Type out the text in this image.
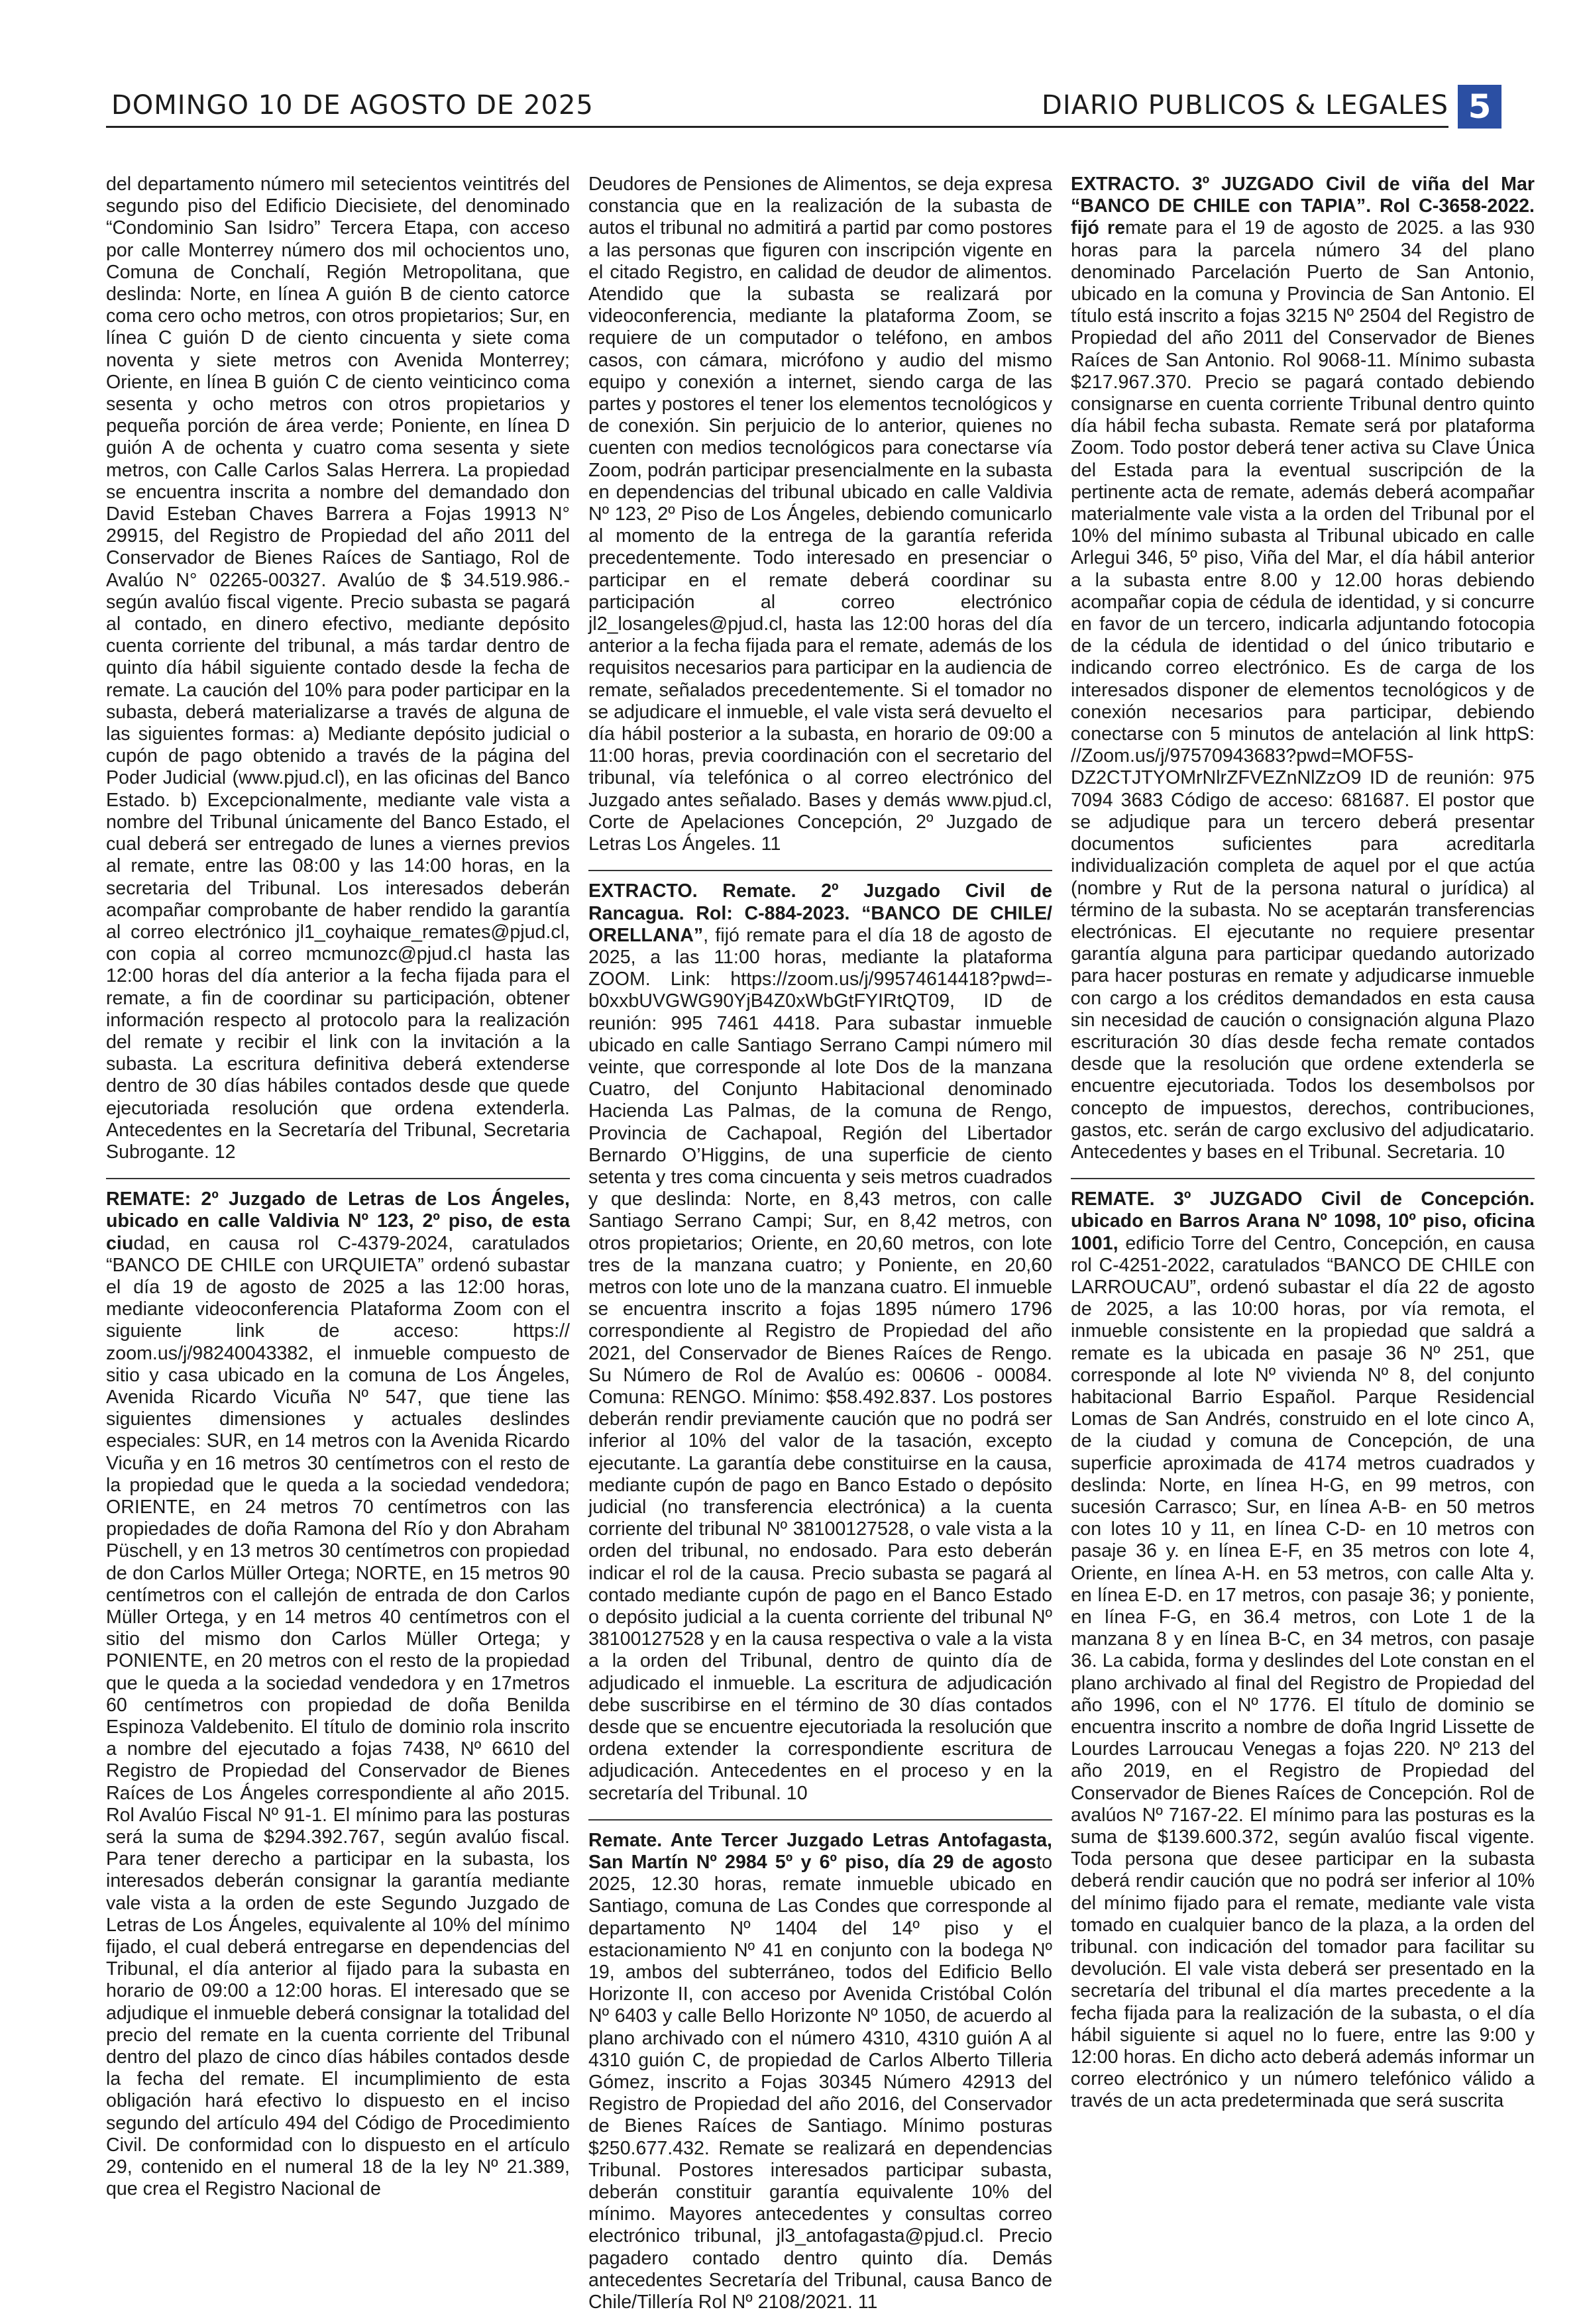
DOMINGO 10 DE AGOSTO DE 2025	DIARIO PUBLICOS & LEGALES 5

del departamento número mil setecientos veintitrés del segundo piso del Edificio Diecisiete, del denominado “Condominio San Isidro” Tercera Etapa, con acceso por calle Monterrey número dos mil ochocientos uno, Comuna de Conchalí, Región Metropolitana, que deslinda: Norte, en línea A guión B de ciento catorce coma cero ocho metros, con otros propietarios; Sur, en línea C guión D de ciento cincuenta y siete coma noventa y siete metros con Avenida Monterrey; Oriente, en línea B guión C de ciento veinticinco coma sesenta y ocho metros con otros propietarios y pequeña porción de área verde; Poniente, en línea D guión A de ochenta y cuatro coma sesenta y siete metros, con Calle Carlos Salas Herrera. La propiedad se encuentra inscrita a nombre del demandado don David Esteban Chaves Barrera a Fojas 19913 N° 29915, del Registro de Propiedad del año 2011 del Conservador de Bienes Raíces de Santiago, Rol de Avalúo N° 02265-00327. Avalúo de $ 34.519.986.- según avalúo fiscal vigente. Precio subasta se pagará al contado, en dinero efectivo, mediante depósito cuenta corriente del tribunal, a más tardar dentro de quinto día hábil siguiente contado desde la fecha de remate. La caución del 10% para poder participar en la subasta, deberá materializarse a través de alguna de las siguientes formas: a) Mediante depósito judicial o cupón de pago obtenido a través de la página del Poder Judicial (www.pjud.cl), en las oficinas del Banco Estado. b) Excepcionalmente, mediante vale vista a nombre del Tribunal únicamente del Banco Estado, el cual deberá ser entregado de lunes a viernes previos al remate, entre las 08:00 y las 14:00 horas, en la secretaria del Tribunal. Los interesados deberán acompañar comprobante de haber rendido la garantía al correo electrónico jl1_coyhaique_remates@pjud.cl, con copia al correo mcmunozc@pjud.cl hasta las 12:00 horas del día anterior a la fecha fijada para el remate, a fin de coordinar su participación, obtener información respecto al protocolo para la realización del remate y recibir el link con la invitación a la subasta. La escritura definitiva deberá extenderse dentro de 30 días hábiles contados desde que quede ejecutoriada resolución que ordena extenderla. Antecedentes en la Secretaría del Tribunal, Secretaria Subrogante. 12

REMATE: 2º Juzgado de Letras de Los Ángeles, ubicado en calle Valdivia Nº 123, 2º piso, de esta ciudad, en causa rol C-4379-2024, caratulados “BANCO DE CHILE con URQUIETA” ordenó subastar el día 19 de agosto de 2025 a las 12:00 horas, mediante videoconferencia Plataforma Zoom con el siguiente link de acceso: https:// zoom.us/j/98240043382, el inmueble compuesto de sitio y casa ubicado en la comuna de Los Ángeles, Avenida Ricardo Vicuña Nº 547, que tiene las siguientes dimensiones y actuales deslindes especiales: SUR, en 14 metros con la Avenida Ricardo Vicuña y en 16 metros 30 centímetros con el resto de la propiedad que le queda a la sociedad vendedora; ORIENTE, en 24 metros 70 centímetros con las propiedades de doña Ramona del Río y don Abraham Püschell, y en 13 metros 30 centímetros con propiedad de don Carlos Müller Ortega; NORTE, en 15 metros 90 centímetros con el callejón de entrada de don Carlos Müller Ortega, y en 14 metros 40 centímetros con el sitio del mismo don Carlos Müller Ortega; y PONIENTE, en 20 metros con el resto de la propiedad que le queda a la sociedad vendedora y en 17metros 60 centímetros con propiedad de doña Benilda Espinoza Valdebenito. El título de dominio rola inscrito a nombre del ejecutado a fojas 7438, Nº 6610 del Registro de Propiedad del Conservador de Bienes Raíces de Los Ángeles correspondiente al año 2015. Rol Avalúo Fiscal Nº 91-1. El mínimo para las posturas será la suma de $294.392.767, según avalúo fiscal. Para tener derecho a participar en la subasta, los interesados deberán consignar la garantía mediante vale vista a la orden de este Segundo Juzgado de Letras de Los Ángeles, equivalente al 10% del mínimo fijado, el cual deberá entregarse en dependencias del Tribunal, el día anterior al fijado para la subasta en horario de 09:00 a 12:00 horas. El interesado que se adjudique el inmueble deberá consignar la totalidad del precio del remate en la cuenta corriente del Tribunal dentro del plazo de cinco días hábiles contados desde la fecha del remate. El incumplimiento de esta obligación hará efectivo lo dispuesto en el inciso segundo del artículo 494 del Código de Procedimiento Civil. De conformidad con lo dispuesto en el artículo 29, contenido en el numeral 18 de la ley Nº 21.389, que crea el Registro Nacional de

Deudores de Pensiones de Alimentos, se deja expresa constancia que en la realización de la subasta de autos el tribunal no admitirá a partid par como postores a las personas que figuren con inscripción vigente en el citado Registro, en calidad de deudor de alimentos. Atendido que la subasta se realizará por videoconferencia, mediante la plataforma Zoom, se requiere de un computador o teléfono, en ambos casos, con cámara, micrófono y audio del mismo equipo y conexión a internet, siendo carga de las partes y postores el tener los elementos tecnológicos y de conexión. Sin perjuicio de lo anterior, quienes no cuenten con medios tecnológicos para conectarse vía Zoom, podrán participar presencialmente en la subasta en dependencias del tribunal ubicado en calle Valdivia Nº 123, 2º Piso de Los Ángeles, debiendo comunicarlo al momento de la entrega de la garantía referida precedentemente. Todo interesado en presenciar o participar en el remate deberá coordinar su participación al correo electrónico jl2_losangeles@pjud.cl, hasta las 12:00 horas del día anterior a la fecha fijada para el remate, además de los requisitos necesarios para participar en la audiencia de remate, señalados precedentemente. Si el tomador no se adjudicare el inmueble, el vale vista será devuelto el día hábil posterior a la subasta, en horario de 09:00 a 11:00 horas, previa coordinación con el secretario del tribunal, vía telefónica o al correo electrónico del Juzgado antes señalado. Bases y demás www.pjud.cl, Corte de Apelaciones Concepción, 2º Juzgado de Letras Los Ángeles. 11

EXTRACTO. Remate. 2º Juzgado Civil de Rancagua. Rol: C-884-2023. “BANCO DE CHILE/ ORELLANA”, fijó remate para el día 18 de agosto de 2025, a las 11:00 horas, mediante la plataforma ZOOM. Link: https://zoom.us/j/99574614418?pwd=-b0xxbUVGWG90YjB4Z0xWbGtFYIRtQT09, ID de reunión: 995 7461 4418. Para subastar inmueble ubicado en calle Santiago Serrano Campi número mil veinte, que corresponde al lote Dos de la manzana Cuatro, del Conjunto Habitacional denominado Hacienda Las Palmas, de la comuna de Rengo, Provincia de Cachapoal, Región del Libertador Bernardo O’Higgins, de una superficie de ciento setenta y tres coma cincuenta y seis metros cuadrados y que deslinda: Norte, en 8,43 metros, con calle Santiago Serrano Campi; Sur, en 8,42 metros, con otros propietarios; Oriente, en 20,60 metros, con lote tres de la manzana cuatro; y Poniente, en 20,60 metros con lote uno de la manzana cuatro. El inmueble se encuentra inscrito a fojas 1895 número 1796 correspondiente al Registro de Propiedad del año 2021, del Conservador de Bienes Raíces de Rengo. Su Número de Rol de Avalúo es: 00606 - 00084. Comuna: RENGO. Mínimo: $58.492.837. Los postores deberán rendir previamente caución que no podrá ser inferior al 10% del valor de la tasación, excepto ejecutante. La garantía debe constituirse en la causa, mediante cupón de pago en Banco Estado o depósito judicial (no transferencia electrónica) a la cuenta corriente del tribunal Nº 38100127528, o vale vista a la orden del tribunal, no endosado. Para esto deberán indicar el rol de la causa. Precio subasta se pagará al contado mediante cupón de pago en el Banco Estado o depósito judicial a la cuenta corriente del tribunal Nº 38100127528 y en la causa respectiva o vale a la vista a la orden del Tribunal, dentro de quinto día de adjudicado el inmueble. La escritura de adjudicación debe suscribirse en el término de 30 días contados desde que se encuentre ejecutoriada la resolución que ordena extender la correspondiente escritura de adjudicación. Antecedentes en el proceso y en la secretaría del Tribunal. 10

Remate. Ante Tercer Juzgado Letras Antofagasta, San Martín Nº 2984 5º y 6º piso, día 29 de agosto 2025, 12.30 horas, remate inmueble ubicado en Santiago, comuna de Las Condes que corresponde al departamento Nº 1404 del 14º piso y el estacionamiento Nº 41 en conjunto con la bodega Nº 19, ambos del subterráneo, todos del Edificio Bello Horizonte II, con acceso por Avenida Cristóbal Colón Nº 6403 y calle Bello Horizonte Nº 1050, de acuerdo al plano archivado con el número 4310, 4310 guión A al 4310 guión C, de propiedad de Carlos Alberto Tilleria Gómez, inscrito a Fojas 30345 Número 42913 del Registro de Propiedad del año 2016, del Conservador de Bienes Raíces de Santiago. Mínimo posturas $250.677.432. Remate se realizará en dependencias Tribunal. Postores interesados participar subasta, deberán constituir garantía equivalente 10% del mínimo. Mayores antecedentes y consultas correo electrónico tribunal, jl3_antofagasta@pjud.cl. Precio pagadero contado dentro quinto día. Demás antecedentes Secretaría del Tribunal, causa Banco de Chile/Tillería Rol Nº 2108/2021. 11

EXTRACTO. 3º JUZGADO Civil de viña del Mar “BANCO DE CHILE con TAPIA”. Rol C-3658-2022. fijó remate para el 19 de agosto de 2025. a las 930 horas para la parcela número 34 del plano denominado Parcelación Puerto de San Antonio, ubicado en la comuna y Provincia de San Antonio. El título está inscrito a fojas 3215 Nº 2504 del Registro de Propiedad del año 2011 del Conservador de Bienes Raíces de San Antonio. Rol 9068-11. Mínimo subasta $217.967.370. Precio se pagará contado debiendo consignarse en cuenta corriente Tribunal dentro quinto día hábil fecha subasta. Remate será por plataforma Zoom. Todo postor deberá tener activa su Clave Única del Estada para la eventual suscripción de la pertinente acta de remate, además deberá acompañar materialmente vale vista a la orden del Tribunal por el 10% del mínimo subasta al Tribunal ubicado en calle Arlegui 346, 5º piso, Viña del Mar, el día hábil anterior a la subasta entre 8.00 y 12.00 horas debiendo acompañar copia de cédula de identidad, y si concurre en favor de un tercero, indicarla adjuntando fotocopia de la cédula de identidad o del único tributario e indicando correo electrónico. Es de carga de los interesados disponer de elementos tecnológicos y de conexión necesarios para participar, debiendo conectarse con 5 minutos de antelación al link httpS: //Zoom.us/j/97570943683?pwd=MOF5S-DZ2CTJTYOMrNlrZFVEZnNlZzO9 ID de reunión: 975 7094 3683 Código de acceso: 681687. El postor que se adjudique para un tercero deberá presentar documentos suficientes para acreditarla individualización completa de aquel por el que actúa (nombre y Rut de la persona natural o jurídica) al término de la subasta. No se aceptarán transferencias electrónicas. El ejecutante no requiere presentar garantía alguna para participar quedando autorizado para hacer posturas en remate y adjudicarse inmueble con cargo a los créditos demandados en esta causa sin necesidad de caución o consignación alguna Plazo escrituración 30 días desde fecha remate contados desde que la resolución que ordene extenderla se encuentre ejecutoriada. Todos los desembolsos por concepto de impuestos, derechos, contribuciones, gastos, etc. serán de cargo exclusivo del adjudicatario. Antecedentes y bases en el Tribunal. Secretaria. 10

REMATE. 3º JUZGADO Civil de Concepción. ubicado en Barros Arana Nº 1098, 10º piso, oficina 1001, edificio Torre del Centro, Concepción, en causa rol C-4251-2022, caratulados “BANCO DE CHILE con LARROUCAU”, ordenó subastar el día 22 de agosto de 2025, a las 10:00 horas, por vía remota, el inmueble consistente en la propiedad que saldrá a remate es la ubicada en pasaje 36 Nº 251, que corresponde al lote Nº vivienda Nº 8, del conjunto habitacional Barrio Español. Parque Residencial Lomas de San Andrés, construido en el lote cinco A, de la ciudad y comuna de Concepción, de una superficie aproximada de 4174 metros cuadrados y deslinda: Norte, en línea H-G, en 99 metros, con sucesión Carrasco; Sur, en línea A-B- en 50 metros con lotes 10 y 11, en línea C-D- en 10 metros con pasaje 36 y. en línea E-F, en 35 metros con lote 4, Oriente, en línea A-H. en 53 metros, con calle Alta y. en línea E-D. en 17 metros, con pasaje 36; y poniente, en línea F-G, en 36.4 metros, con Lote 1 de la manzana 8 y en línea B-C, en 34 metros, con pasaje 36. La cabida, forma y deslindes del Lote constan en el plano archivado al final del Registro de Propiedad del año 1996, con el Nº 1776. El título de dominio se encuentra inscrito a nombre de doña Ingrid Lissette de Lourdes Larroucau Venegas a fojas 220. Nº 213 del año 2019, en el Registro de Propiedad del Conservador de Bienes Raíces de Concepción. Rol de avalúos Nº 7167-22. El mínimo para las posturas es la suma de $139.600.372, según avalúo fiscal vigente. Toda persona que desee participar en la subasta deberá rendir caución que no podrá ser inferior al 10% del mínimo fijado para el remate, mediante vale vista tomado en cualquier banco de la plaza, a la orden del tribunal. con indicación del tomador para facilitar su devolución. El vale vista deberá ser presentado en la secretaría del tribunal el día martes precedente a la fecha fijada para la realización de la subasta, o el día hábil siguiente si aquel no lo fuere, entre las 9:00 y 12:00 horas. En dicho acto deberá además informar un correo electrónico y un número telefónico válido a través de un acta predeterminada que será suscrita
